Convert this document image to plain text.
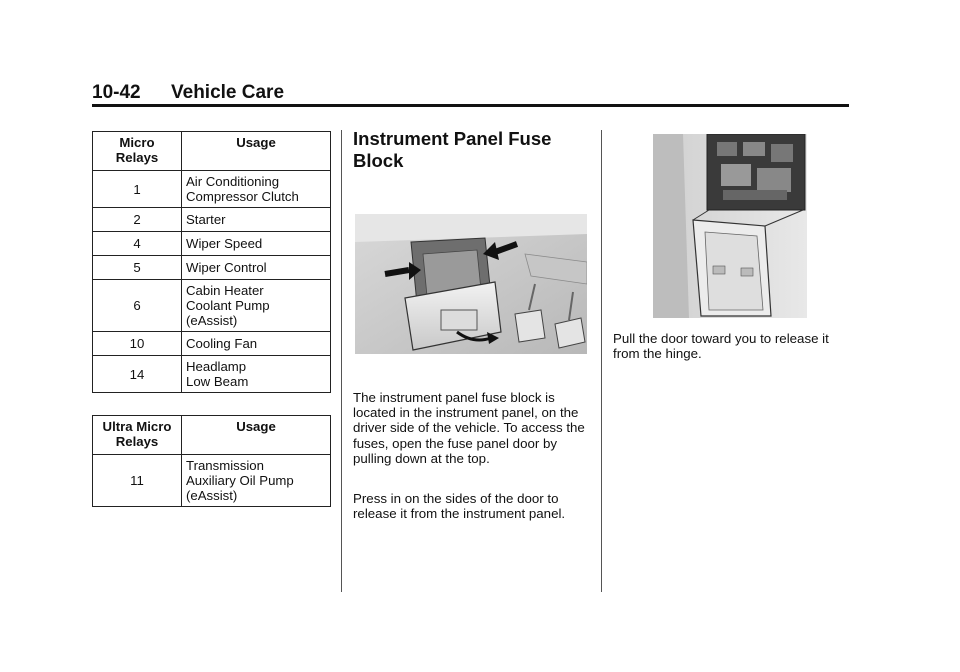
10-42 Vehicle Care
Micro
Relays	Usage
1	Air Conditioning
Compressor Clutch
2	Starter
4	Wiper Speed
5	Wiper Control
6	Cabin Heater
Coolant Pump
(eAssist)
10	Cooling Fan
14	Headlamp
Low Beam
Ultra Micro
Relays	Usage
11	Transmission
Auxiliary Oil Pump
(eAssist)
Instrument Panel Fuse Block

The instrument panel fuse block is located in the instrument panel, on the driver side of the vehicle. To access the fuses, open the fuse panel door by pulling down at the top.

Press in on the sides of the door to release it from the instrument panel.

Pull the door toward you to release it from the hinge.
